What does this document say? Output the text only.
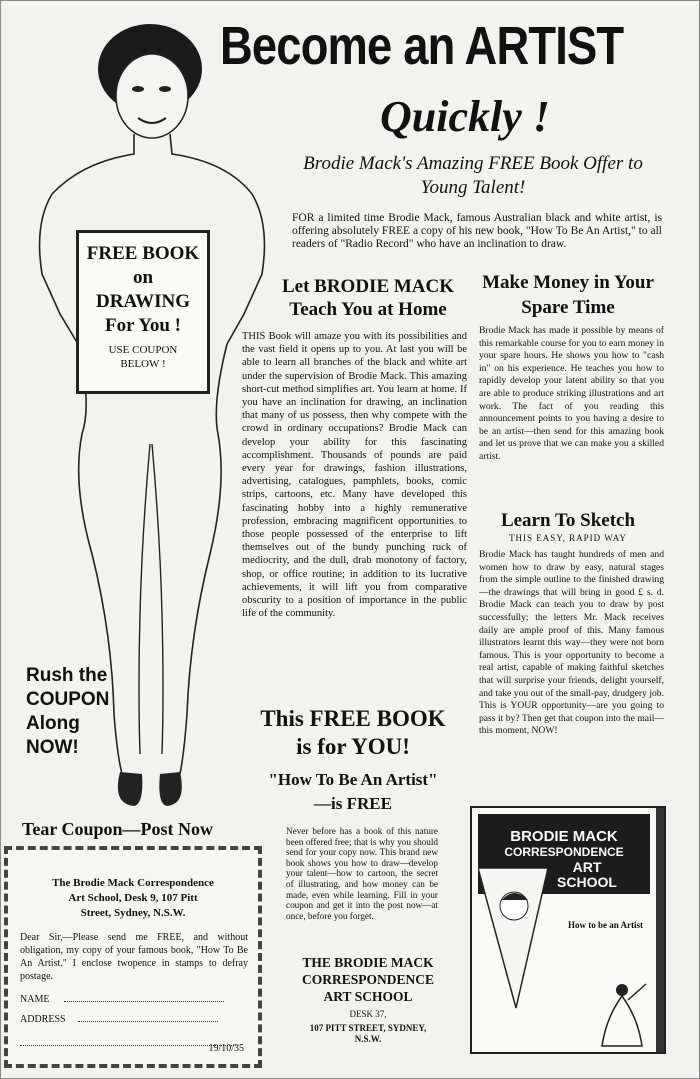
FREE BOOK
on
DRAWING
For You !
USE COUPON BELOW !
Rush the COUPON Along NOW!
Become an ARTIST
Quickly !
Brodie Mack's Amazing FREE Book Offer to Young Talent!
FOR a limited time Brodie Mack, famous Australian black and white artist, is offering absolutely FREE a copy of his new book, "How To Be An Artist," to all readers of "Radio Record" who have an inclination to draw.
Let BRODIE MACK Teach You at Home
THIS Book will amaze you with its possibilities and the vast field it opens up to you. At last you will be able to learn all branches of the black and white art under the supervision of Brodie Mack. This amazing short-cut method simplifies art. You learn at home. If you have an inclination for drawing, an inclination that many of us possess, then why compete with the crowd in ordinary occupations? Brodie Mack can develop your ability for this fascinating accomplishment. Thousands of pounds are paid every year for drawings, fashion illustrations, advertising, catalogues, pamphlets, books, comic strips, cartoons, etc. Many have developed this fascinating hobby into a highly remunerative profession, embracing magnificent opportunities to those people possessed of the enterprise to lift themselves out of the bundy punching ruck of mediocrity, and the dull, drab monotony of factory, shop, or office routine; in addition to its lucrative achievements, it will lift you from comparative obscurity to a position of importance in the public life of the community.
This FREE BOOK
is for YOU!
"How To Be An Artist"
—is FREE
Never before has a book of this nature been offered free; that is why you should send for your copy now. This brand new book shows you how to draw—develop your talent—how to cartoon, the secret of illustrating, and how money can be made, even while learning. Fill in your coupon and get it into the post now—at once, before you forget.
THE BRODIE MACK
CORRESPONDENCE
ART SCHOOL
DESK 37,
107 PITT STREET, SYDNEY,
N.S.W.
Make Money in Your Spare Time
Brodie Mack has made it possible by means of this remarkable course for you to earn money in your spare hours. He shows you how to "cash in" on his experience. He teaches you how to rapidly develop your latent ability so that you are able to produce striking illustrations and art work. The fact of you reading this announcement points to you having a desire to be an artist—then send for this amazing book and let us prove that we can make you a skilled artist.
Learn To Sketch
THIS EASY, RAPID WAY
Brodie Mack has taught hundreds of men and women how to draw by easy, natural stages from the simple outline to the finished drawing—the drawings that will bring in good £ s. d. Brodie Mack can teach you to draw by post successfully; the letters Mr. Mack receives daily are ample proof of this. Many famous illustrators learnt this way—they were not born famous. This is your opportunity to become a real artist, capable of making faithful sketches that will surprise your friends, delight yourself, and take you out of the small-pay, drudgery job. This is YOUR opportunity—are you going to pass it by? Then get that coupon into the mail—this moment, NOW!
BRODIE MACK
CORRESPONDENCE
ART
SCHOOL
How to be an Artist
Tear Coupon—Post Now
The Brodie Mack Correspondence
Art School, Desk 9, 107 Pitt
Street, Sydney, N.S.W.
Dear Sir,—Please send me FREE, and without obligation, my copy of your famous book, "How To Be An Artist." I enclose twopence in stamps to defray postage.
NAME
ADDRESS
19/10/35
